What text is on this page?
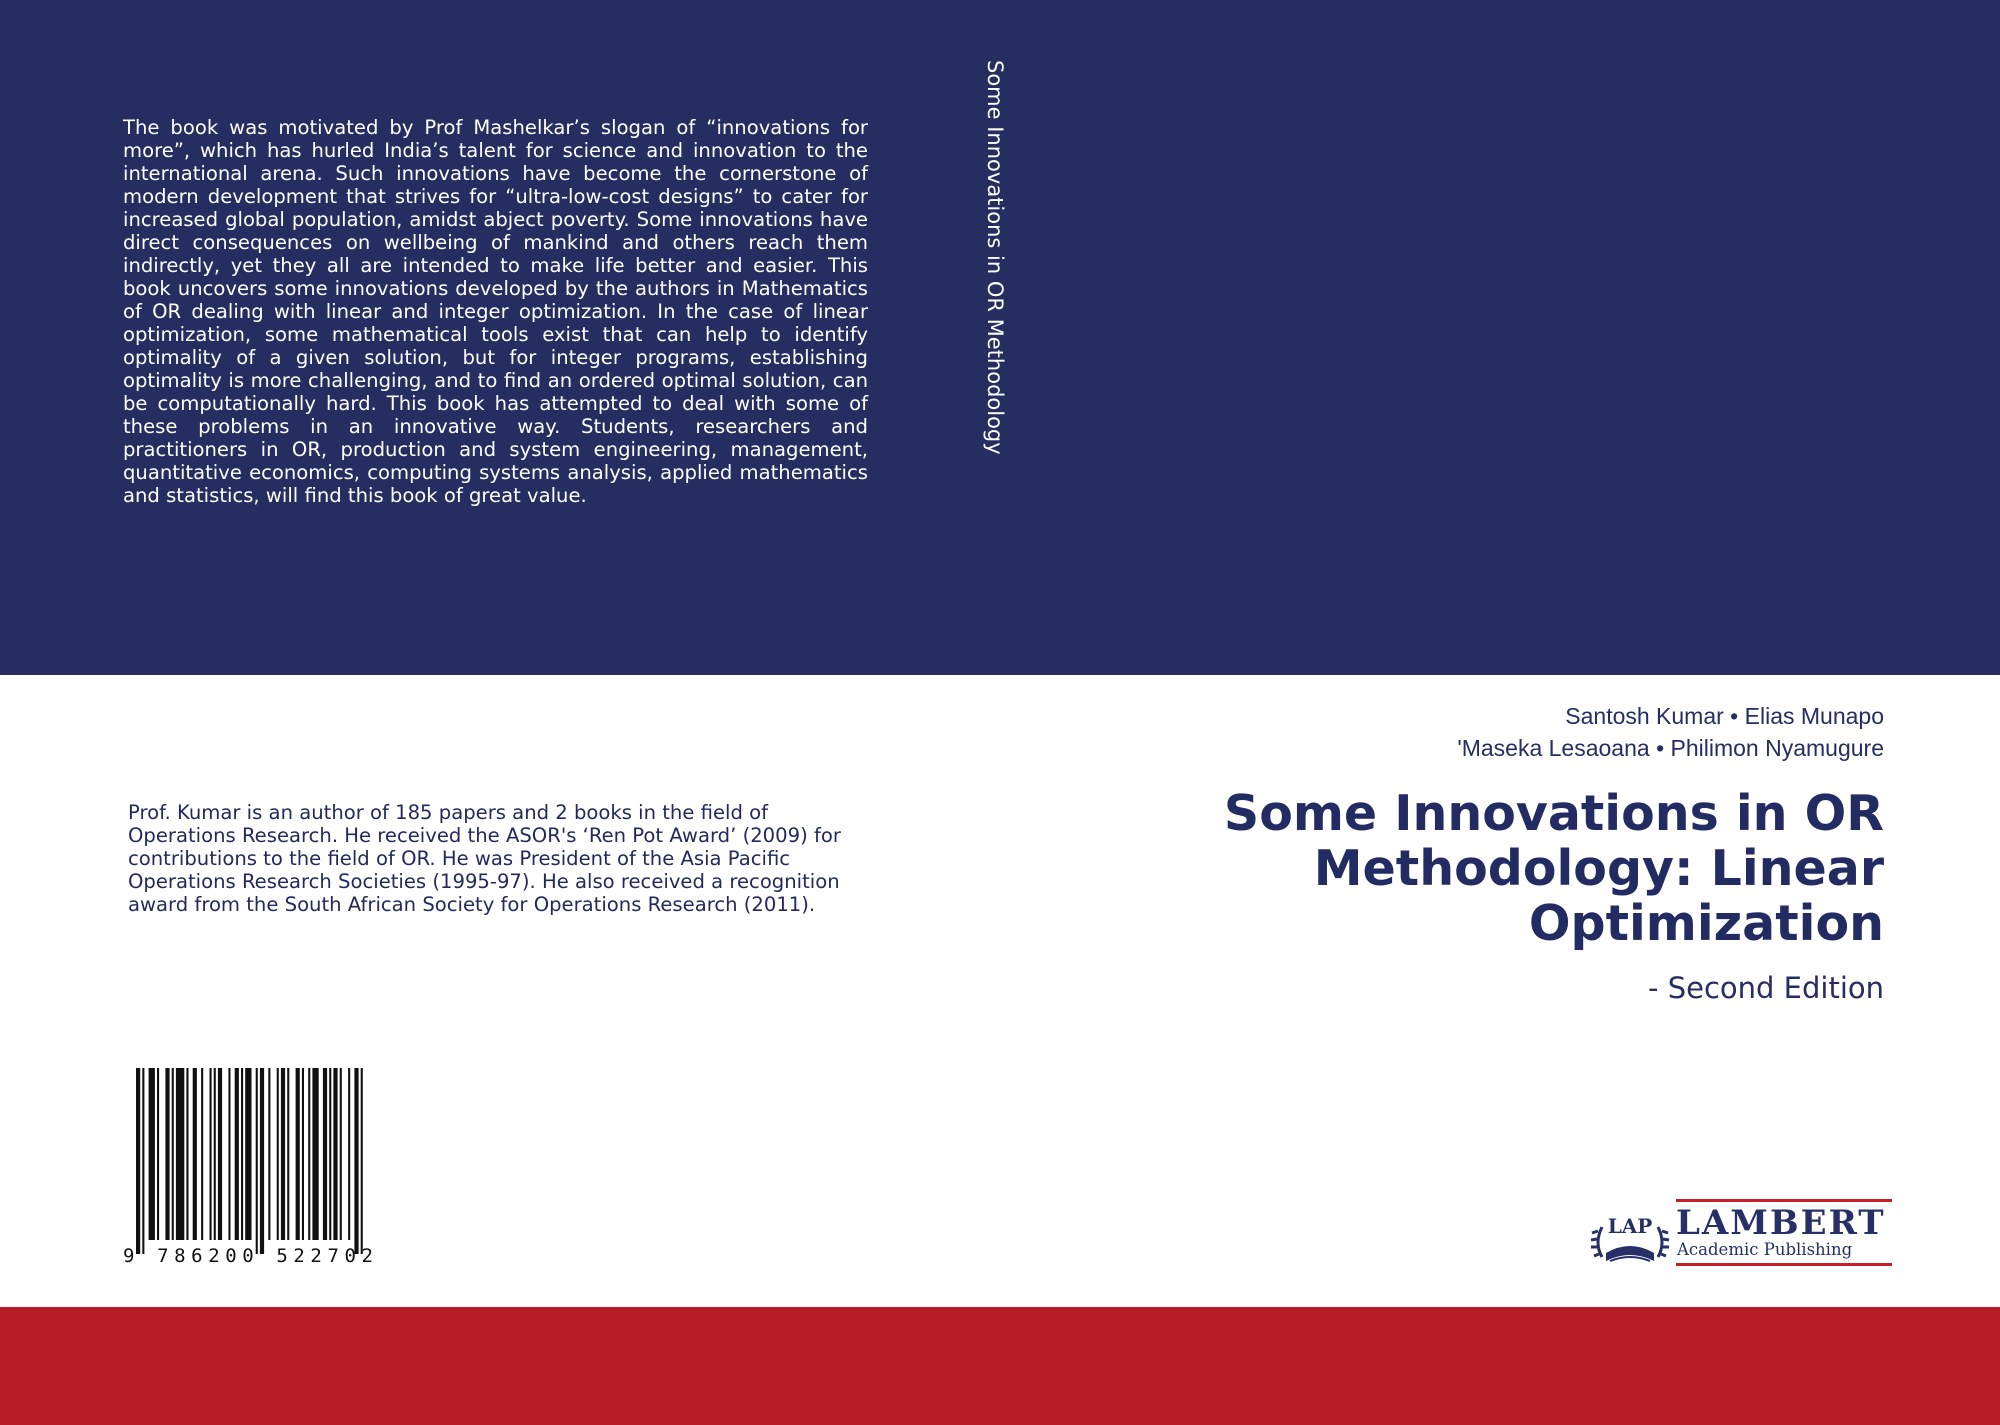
The book was motivated by Prof Mashelkar’s slogan of “innovations for more”, which has hurled India’s talent for science and innovation to the international arena. Such innovations have become the cornerstone of modern development that strives for “ultra-low-cost designs” to cater for increased global population, amidst abject poverty. Some innovations have direct consequences on wellbeing of mankind and others reach them indirectly, yet they all are intended to make life better and easier. This book uncovers some innovations developed by the authors in Mathematics of OR dealing with linear and integer optimization. In the case of linear optimization, some mathematical tools exist that can help to identify optimality of a given solution, but for integer programs, establishing optimality is more challenging, and to find an ordered optimal solution, can be computationally hard. This book has attempted to deal with some of these problems in an innovative way. Students, researchers and practitioners in OR, production and system engineering, management, quantitative economics, computing systems analysis, applied mathematics and statistics, will find this book of great value.

Some Innovations in OR Methodology

Prof. Kumar is an author of 185 papers and 2 books in the field of Operations Research. He received the ASOR's ‘Ren Pot Award’ (2009) for contributions to the field of OR. He was President of the Asia Pacific Operations Research Societies (1995-97). He also received a recognition award from the South African Society for Operations Research (2011).

9 786200 522702
Santosh Kumar • Elias Munapo
'Maseka Lesaoana • Philimon Nyamugure
Some Innovations in OR Methodology: Linear Optimization
- Second Edition
LAP LAMBERT
Academic Publishing
